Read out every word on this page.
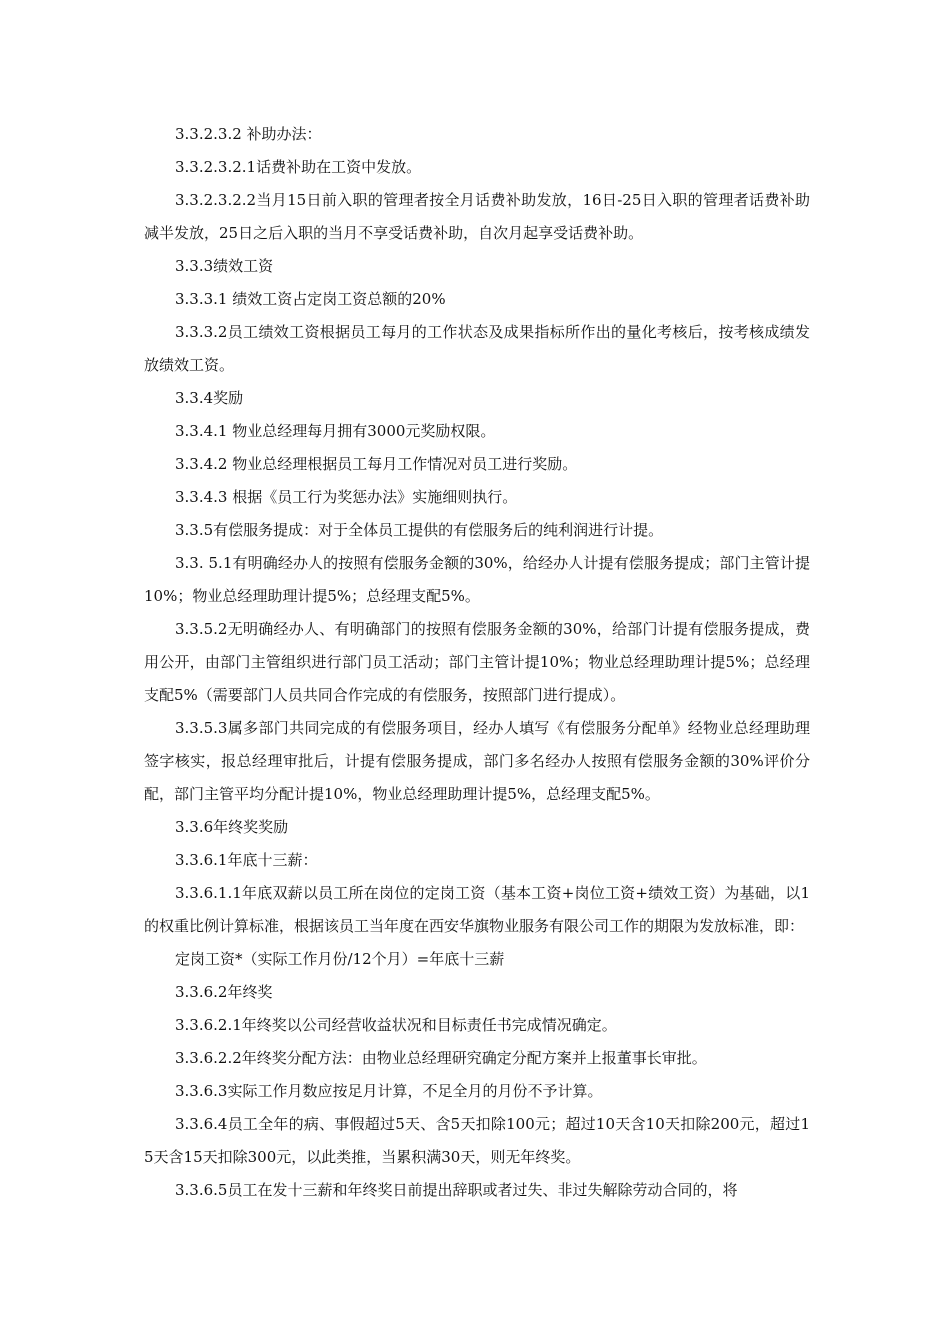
3.3.2.3.2 补助办法：

3.3.2.3.2.1话费补助在工资中发放。

3.3.2.3.2.2当月15日前入职的管理者按全月话费补助发放，16日-25日入职的管理者话费补助减半发放，25日之后入职的当月不享受话费补助，自次月起享受话费补助。

3.3.3绩效工资

3.3.3.1 绩效工资占定岗工资总额的20%

3.3.3.2员工绩效工资根据员工每月的工作状态及成果指标所作出的量化考核后，按考核成绩发放绩效工资。

3.3.4奖励

3.3.4.1 物业总经理每月拥有3000元奖励权限。

3.3.4.2 物业总经理根据员工每月工作情况对员工进行奖励。

3.3.4.3 根据《员工行为奖惩办法》实施细则执行。

3.3.5有偿服务提成：对于全体员工提供的有偿服务后的纯利润进行计提。

3.3. 5.1有明确经办人的按照有偿服务金额的30%，给经办人计提有偿服务提成；部门主管计提10%；物业总经理助理计提5%；总经理支配5%。

3.3.5.2无明确经办人、有明确部门的按照有偿服务金额的30%，给部门计提有偿服务提成，费用公开，由部门主管组织进行部门员工活动；部门主管计提10%；物业总经理助理计提5%；总经理支配5%（需要部门人员共同合作完成的有偿服务，按照部门进行提成）。

3.3.5.3属多部门共同完成的有偿服务项目，经办人填写《有偿服务分配单》经物业总经理助理签字核实，报总经理审批后，计提有偿服务提成，部门多名经办人按照有偿服务金额的30%评价分配，部门主管平均分配计提10%，物业总经理助理计提5%，总经理支配5%。

3.3.6年终奖奖励

3.3.6.1年底十三薪：

3.3.6.1.1年底双薪以员工所在岗位的定岗工资（基本工资+岗位工资+绩效工资）为基础，以1的权重比例计算标准，根据该员工当年度在西安华旗物业服务有限公司工作的期限为发放标准，即：

定岗工资*（实际工作月份/12个月）=年底十三薪

3.3.6.2年终奖

3.3.6.2.1年终奖以公司经营收益状况和目标责任书完成情况确定。

3.3.6.2.2年终奖分配方法：由物业总经理研究确定分配方案并上报董事长审批。

3.3.6.3实际工作月数应按足月计算，不足全月的月份不予计算。

3.3.6.4员工全年的病、事假超过5天、含5天扣除100元；超过10天含10天扣除200元，超过15天含15天扣除300元，以此类推，当累积满30天，则无年终奖。

3.3.6.5员工在发十三薪和年终奖日前提出辞职或者过失、非过失解除劳动合同的，将
